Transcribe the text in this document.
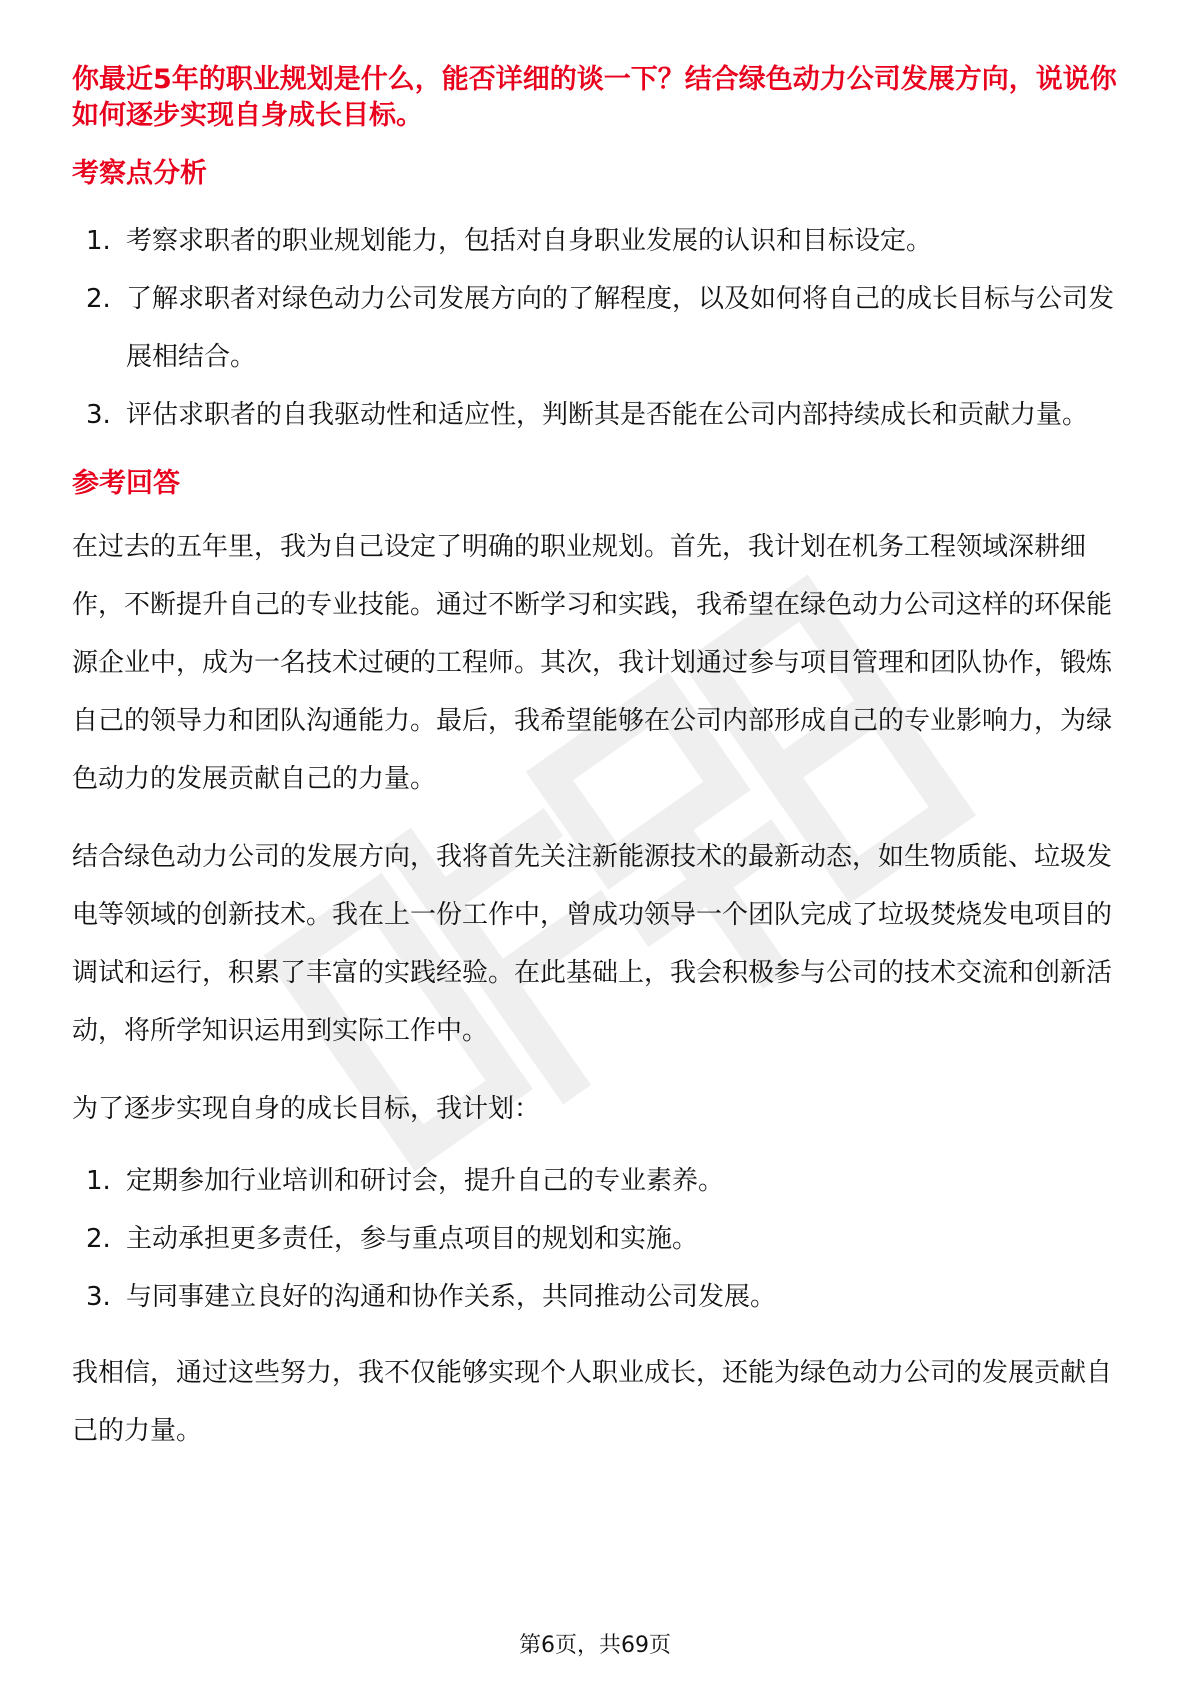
你最近5年的职业规划是什么，能否详细的谈一下？结合绿色动力公司发展方向，说说你如何逐步实现自身成长目标。

考察点分析
1. 考察求职者的职业规划能力，包括对自身职业发展的认识和目标设定。
2. 了解求职者对绿色动力公司发展方向的了解程度，以及如何将自己的成长目标与公司发展相结合。
3. 评估求职者的自我驱动性和适应性，判断其是否能在公司内部持续成长和贡献力量。
参考回答

在过去的五年里，我为自己设定了明确的职业规划。首先，我计划在机务工程领域深耕细作，不断提升自己的专业技能。通过不断学习和实践，我希望在绿色动力公司这样的环保能源企业中，成为一名技术过硬的工程师。其次，我计划通过参与项目管理和团队协作，锻炼自己的领导力和团队沟通能力。最后，我希望能够在公司内部形成自己的专业影响力，为绿色动力的发展贡献自己的力量。

结合绿色动力公司的发展方向，我将首先关注新能源技术的最新动态，如生物质能、垃圾发电等领域的创新技术。我在上一份工作中，曾成功领导一个团队完成了垃圾焚烧发电项目的调试和运行，积累了丰富的实践经验。在此基础上，我会积极参与公司的技术交流和创新活动，将所学知识运用到实际工作中。

为了逐步实现自身的成长目标，我计划：

1. 定期参加行业培训和研讨会，提升自己的专业素养。
2. 主动承担更多责任，参与重点项目的规划和实施。
3. 与同事建立良好的沟通和协作关系，共同推动公司发展。

我相信，通过这些努力，我不仅能够实现个人职业成长，还能为绿色动力公司的发展贡献自己的力量。

第6页，共69页
